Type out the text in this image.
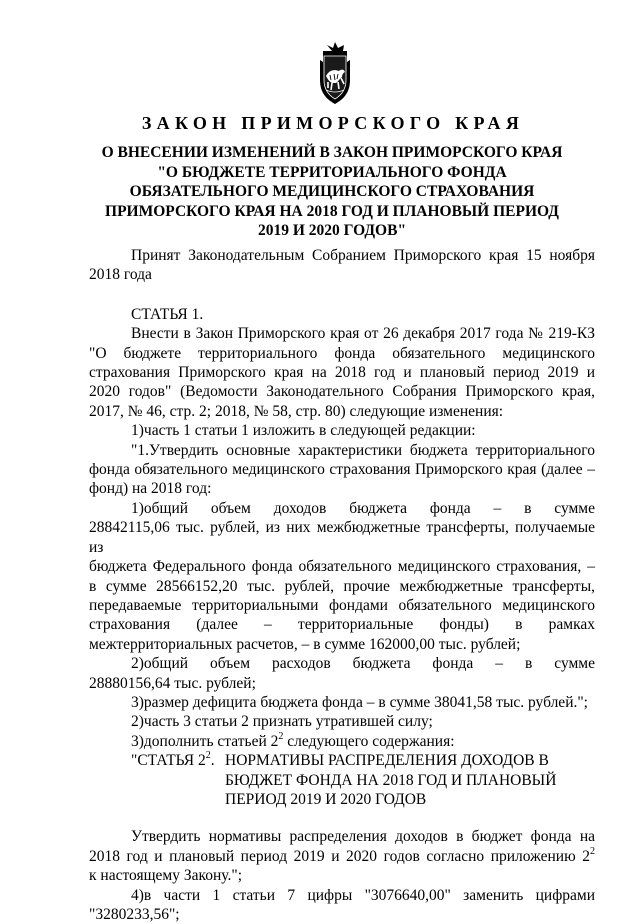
ЗАКОН ПРИМОРСКОГО КРАЯ
О ВНЕСЕНИИ ИЗМЕНЕНИЙ В ЗАКОН ПРИМОРСКОГО КРАЯ
"О БЮДЖЕТЕ ТЕРРИТОРИАЛЬНОГО ФОНДА
ОБЯЗАТЕЛЬНОГО МЕДИЦИНСКОГО СТРАХОВАНИЯ
ПРИМОРСКОГО КРАЯ НА 2018 ГОД И ПЛАНОВЫЙ ПЕРИОД
2019 И 2020 ГОДОВ"

Принят Законодательным Собранием Приморского края 15 ноября

2018 года

СТАТЬЯ 1.

Внести в Закон Приморского края от 26 декабря 2017 года № 219-КЗ

"О бюджете территориального фонда обязательного медицинского

страхования Приморского края на 2018 год и плановый период 2019 и

2020 годов" (Ведомости Законодательного Собрания Приморского края,

2017, № 46, стр. 2; 2018, № 58, стр. 80) следующие изменения:

1)часть 1 статьи 1 изложить в следующей редакции:

"1.Утвердить основные характеристики бюджета территориального

фонда обязательного медицинского страхования Приморского края (далее –

фонд) на 2018 год:

1)общий объем доходов бюджета фонда – в сумме

28842115,06 тыс. рублей, из них межбюджетные трансферты, получаемые из

бюджета Федерального фонда обязательного медицинского страхования, –

в сумме 28566152,20 тыс. рублей, прочие межбюджетные трансферты,

передаваемые территориальными фондами обязательного медицинского

страхования (далее – территориальные фонды) в рамках

межтерриториальных расчетов, – в сумме 162000,00 тыс. рублей;

2)общий объем расходов бюджета фонда – в сумме

28880156,64 тыс. рублей;

3)размер дефицита бюджета фонда – в сумме 38041,58 тыс. рублей.";

2)часть 3 статьи 2 признать утратившей силу;

3)дополнить статьей $2^2$ следующего содержания:

"СТАТЬЯ $2^2$. НОРМАТИВЫ РАСПРЕДЕЛЕНИЯ ДОХОДОВ В
БЮДЖЕТ ФОНДА НА 2018 ГОД И ПЛАНОВЫЙ
ПЕРИОД 2019 И 2020 ГОДОВ

Утвердить нормативы распределения доходов в бюджет фонда на

2018 год и плановый период 2019 и 2020 годов согласно приложению $2^2$

к настоящему Закону.";

4)в части 1 статьи 7 цифры "3076640,00" заменить цифрами

"3280233,56";
